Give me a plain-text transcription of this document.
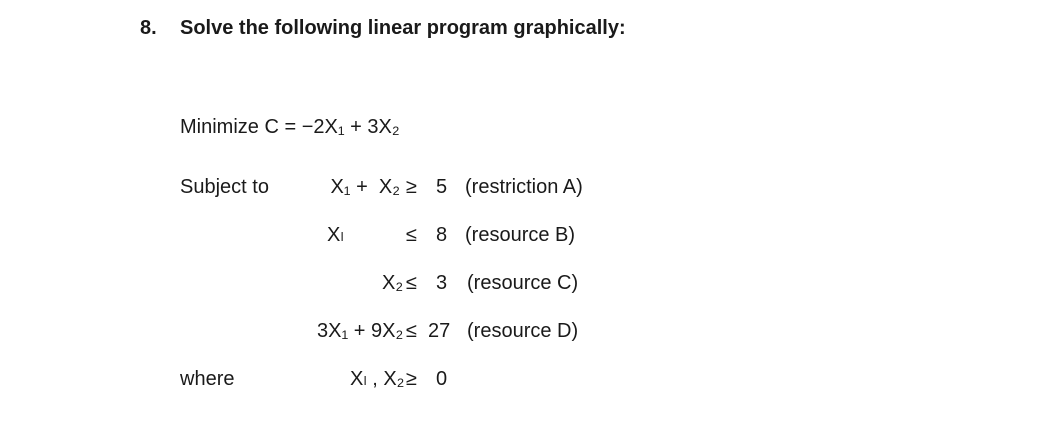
8. Solve the following linear program graphically:
Minimize C = −2X₁ + 3X₂
Subject to	X₁ +  X₂ ≥ 5 (restriction A)
Xₗ	≤ 8 (resource B)
X₂ ≤ 3 (resource C)
3X₁ + 9X₂ ≤ 27 (resource D)
where	Xₗ , X₂ ≥ 0
